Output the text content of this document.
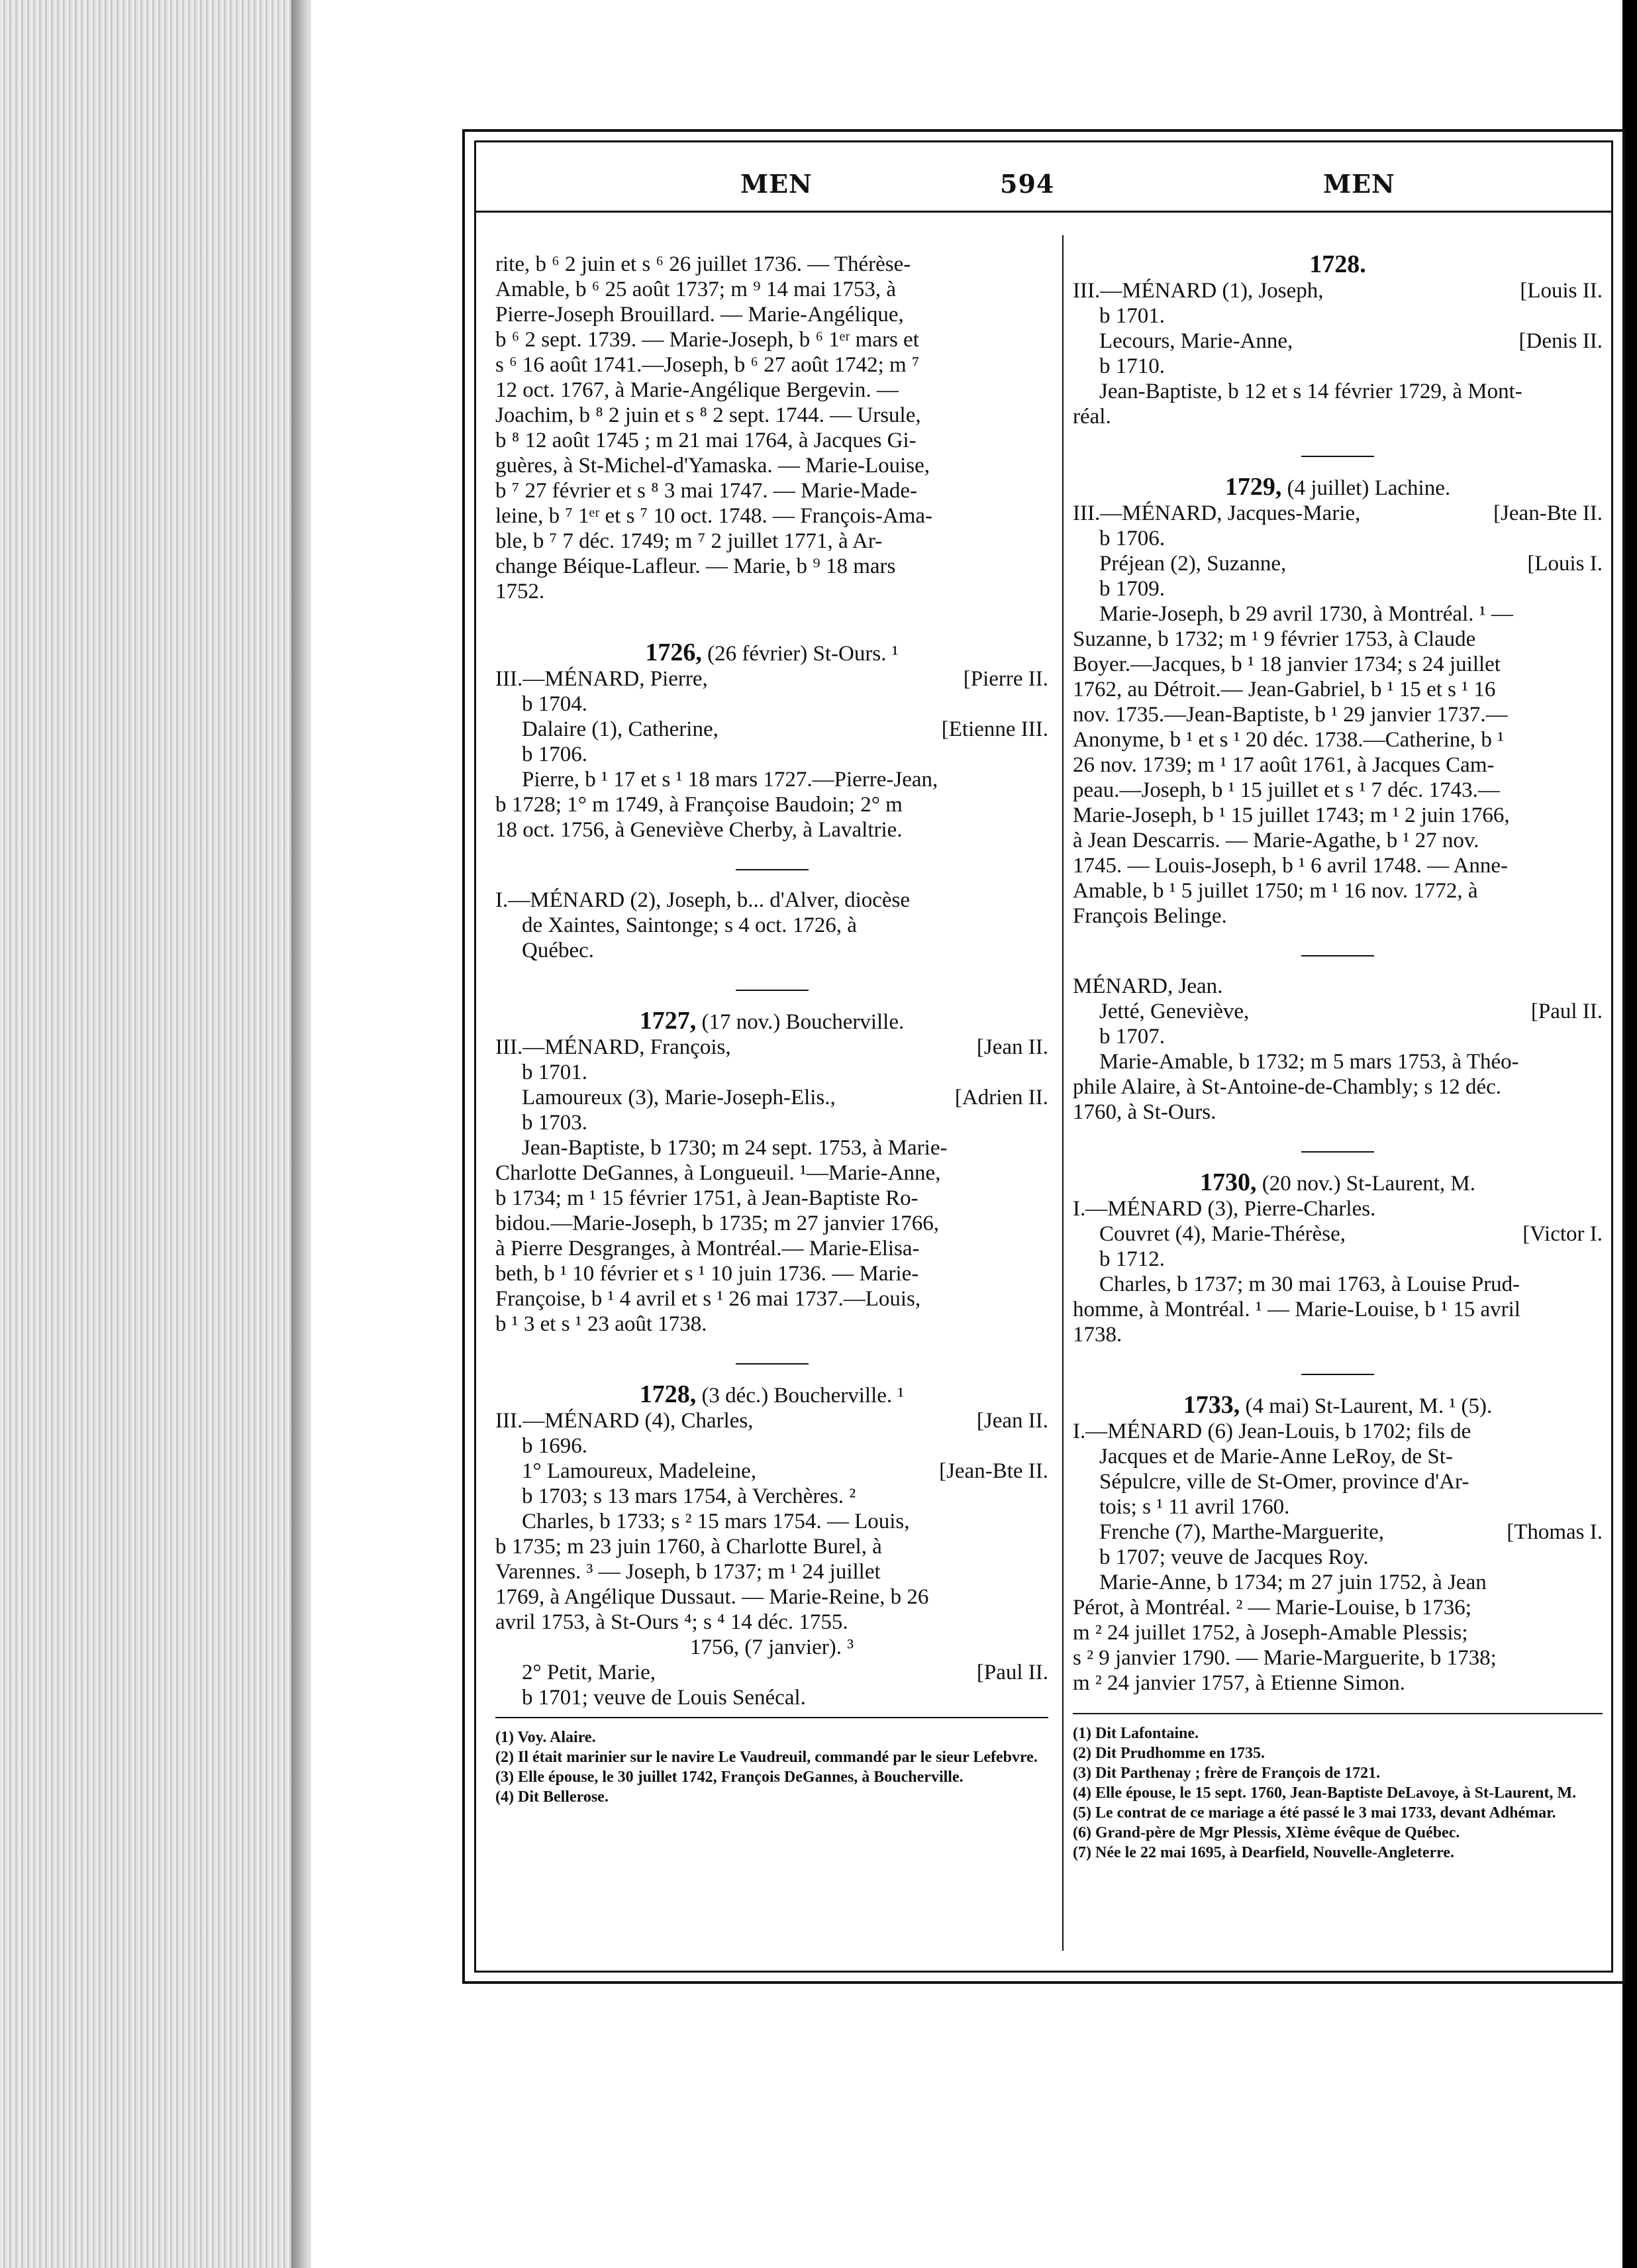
MEN	594	MEN

rite, b ⁶ 2 juin et s ⁶ 26 juillet 1736. — Thérèse-

Amable, b ⁶ 25 août 1737; m ⁹ 14 mai 1753, à

Pierre-Joseph Brouillard. — Marie-Angélique,

b ⁶ 2 sept. 1739. — Marie-Joseph, b ⁶ 1ᵉʳ mars et

s ⁶ 16 août 1741.—Joseph, b ⁶ 27 août 1742; m ⁷

12 oct. 1767, à Marie-Angélique Bergevin. —

Joachim, b ⁸ 2 juin et s ⁸ 2 sept. 1744. — Ursule,

b ⁸ 12 août 1745 ; m 21 mai 1764, à Jacques Gi-

guères, à St-Michel-d'Yamaska. — Marie-Louise,

b ⁷ 27 février et s ⁸ 3 mai 1747. — Marie-Made-

leine, b ⁷ 1ᵉʳ et s ⁷ 10 oct. 1748. — François-Ama-

ble, b ⁷ 7 déc. 1749; m ⁷ 2 juillet 1771, à Ar-

change Béique-Lafleur. — Marie, b ⁹ 18 mars

1752.

1726, (26 février) St-Ours. ¹

III.—MÉNARD, Pierre,	[Pierre II.

b 1704.

Dalaire (1), Catherine,	[Etienne III.

b 1706.

Pierre, b ¹ 17 et s ¹ 18 mars 1727.—Pierre-Jean,

b 1728; 1° m 1749, à Françoise Baudoin; 2° m

18 oct. 1756, à Geneviève Cherby, à Lavaltrie.

I.—MÉNARD (2), Joseph, b... d'Alver, diocèse

de Xaintes, Saintonge; s 4 oct. 1726, à

Québec.

1727, (17 nov.) Boucherville.

III.—MÉNARD, François,	[Jean II.

b 1701.

Lamoureux (3), Marie-Joseph-Elis.,	[Adrien II.

b 1703.

Jean-Baptiste, b 1730; m 24 sept. 1753, à Marie-

Charlotte DeGannes, à Longueuil. ¹—Marie-Anne,

b 1734; m ¹ 15 février 1751, à Jean-Baptiste Ro-

bidou.—Marie-Joseph, b 1735; m 27 janvier 1766,

à Pierre Desgranges, à Montréal.— Marie-Elisa-

beth, b ¹ 10 février et s ¹ 10 juin 1736. — Marie-

Françoise, b ¹ 4 avril et s ¹ 26 mai 1737.—Louis,

b ¹ 3 et s ¹ 23 août 1738.

1728, (3 déc.) Boucherville. ¹

III.—MÉNARD (4), Charles,	[Jean II.

b 1696.

1° Lamoureux, Madeleine,	[Jean-Bte II.

b 1703; s 13 mars 1754, à Verchères. ²

Charles, b 1733; s ² 15 mars 1754. — Louis,

b 1735; m 23 juin 1760, à Charlotte Burel, à

Varennes. ³ — Joseph, b 1737; m ¹ 24 juillet

1769, à Angélique Dussaut. — Marie-Reine, b 26

avril 1753, à St-Ours ⁴; s ⁴ 14 déc. 1755.

1756, (7 janvier). ³

2° Petit, Marie,	[Paul II.

b 1701; veuve de Louis Senécal.

(1) Voy. Alaire.

(2) Il était marinier sur le navire Le Vaudreuil, commandé par le sieur Lefebvre.

(3) Elle épouse, le 30 juillet 1742, François DeGannes, à Boucherville.

(4) Dit Bellerose.

1728.

III.—MÉNARD (1), Joseph,	[Louis II.

b 1701.

Lecours, Marie-Anne,	[Denis II.

b 1710.

Jean-Baptiste, b 12 et s 14 février 1729, à Mont-

réal.

1729, (4 juillet) Lachine.

III.—MÉNARD, Jacques-Marie,	[Jean-Bte II.

b 1706.

Préjean (2), Suzanne,	[Louis I.

b 1709.

Marie-Joseph, b 29 avril 1730, à Montréal. ¹ —

Suzanne, b 1732; m ¹ 9 février 1753, à Claude

Boyer.—Jacques, b ¹ 18 janvier 1734; s 24 juillet

1762, au Détroit.— Jean-Gabriel, b ¹ 15 et s ¹ 16

nov. 1735.—Jean-Baptiste, b ¹ 29 janvier 1737.—

Anonyme, b ¹ et s ¹ 20 déc. 1738.—Catherine, b ¹

26 nov. 1739; m ¹ 17 août 1761, à Jacques Cam-

peau.—Joseph, b ¹ 15 juillet et s ¹ 7 déc. 1743.—

Marie-Joseph, b ¹ 15 juillet 1743; m ¹ 2 juin 1766,

à Jean Descarris. — Marie-Agathe, b ¹ 27 nov.

1745. — Louis-Joseph, b ¹ 6 avril 1748. — Anne-

Amable, b ¹ 5 juillet 1750; m ¹ 16 nov. 1772, à

François Belinge.

MÉNARD, Jean.

Jetté, Geneviève,	[Paul II.

b 1707.

Marie-Amable, b 1732; m 5 mars 1753, à Théo-

phile Alaire, à St-Antoine-de-Chambly; s 12 déc.

1760, à St-Ours.

1730, (20 nov.) St-Laurent, M.

I.—MÉNARD (3), Pierre-Charles.

Couvret (4), Marie-Thérèse,	[Victor I.

b 1712.

Charles, b 1737; m 30 mai 1763, à Louise Prud-

homme, à Montréal. ¹ — Marie-Louise, b ¹ 15 avril

1738.

1733, (4 mai) St-Laurent, M. ¹ (5).

I.—MÉNARD (6) Jean-Louis, b 1702; fils de

Jacques et de Marie-Anne LeRoy, de St-

Sépulcre, ville de St-Omer, province d'Ar-

tois; s ¹ 11 avril 1760.

Frenche (7), Marthe-Marguerite,	[Thomas I.

b 1707; veuve de Jacques Roy.

Marie-Anne, b 1734; m 27 juin 1752, à Jean

Pérot, à Montréal. ² — Marie-Louise, b 1736;

m ² 24 juillet 1752, à Joseph-Amable Plessis;

s ² 9 janvier 1790. — Marie-Marguerite, b 1738;

m ² 24 janvier 1757, à Etienne Simon.

(1) Dit Lafontaine.

(2) Dit Prudhomme en 1735.

(3) Dit Parthenay ; frère de François de 1721.

(4) Elle épouse, le 15 sept. 1760, Jean-Baptiste DeLavoye, à St-Laurent, M.

(5) Le contrat de ce mariage a été passé le 3 mai 1733, devant Adhémar.

(6) Grand-père de Mgr Plessis, XIème évêque de Québec.

(7) Née le 22 mai 1695, à Dearfield, Nouvelle-Angleterre.
